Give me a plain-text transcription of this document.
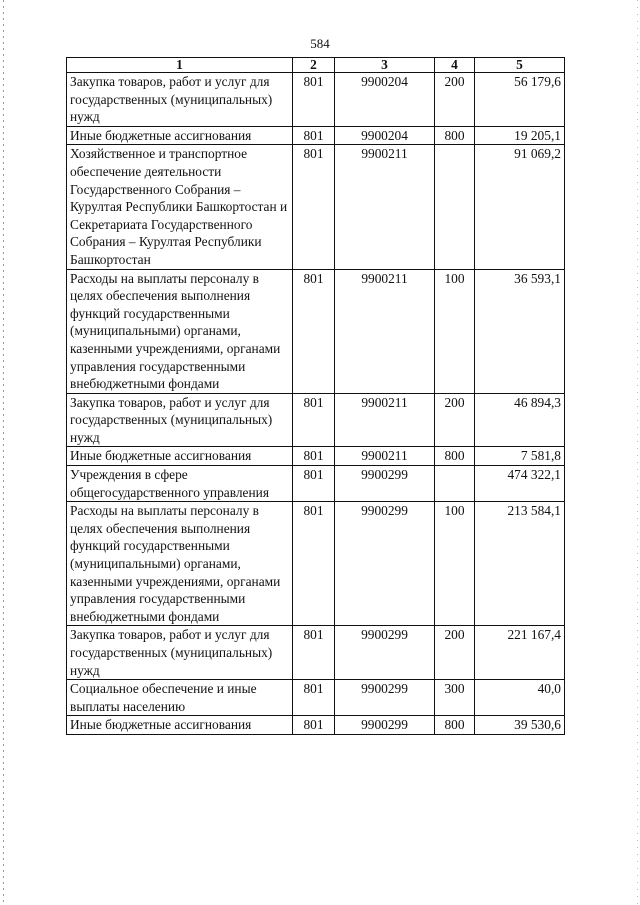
584
1	2	3	4	5
Закупка товаров, работ и услуг для государственных (муниципальных) нужд	801	9900204	200	56 179,6
Иные бюджетные ассигнования	801	9900204	800	19 205,1
Хозяйственное и транспортное обеспечение деятельности Государственного Собрания – Курултая Республики Башкортостан и Секретариата Государственного Собрания – Курултая Республики Башкортостан	801	9900211		91 069,2
Расходы на выплаты персоналу в целях обеспечения выполнения функций государственными (муниципальными) органами, казенными учреждениями, органами управления государственными внебюджетными фондами	801	9900211	100	36 593,1
Закупка товаров, работ и услуг для государственных (муниципальных) нужд	801	9900211	200	46 894,3
Иные бюджетные ассигнования	801	9900211	800	7 581,8
Учреждения в сфере общегосударственного управления	801	9900299		474 322,1
Расходы на выплаты персоналу в целях обеспечения выполнения функций государственными (муниципальными) органами, казенными учреждениями, органами управления государственными внебюджетными фондами	801	9900299	100	213 584,1
Закупка товаров, работ и услуг для государственных (муниципальных) нужд	801	9900299	200	221 167,4
Социальное обеспечение и иные выплаты населению	801	9900299	300	40,0
Иные бюджетные ассигнования	801	9900299	800	39 530,6
